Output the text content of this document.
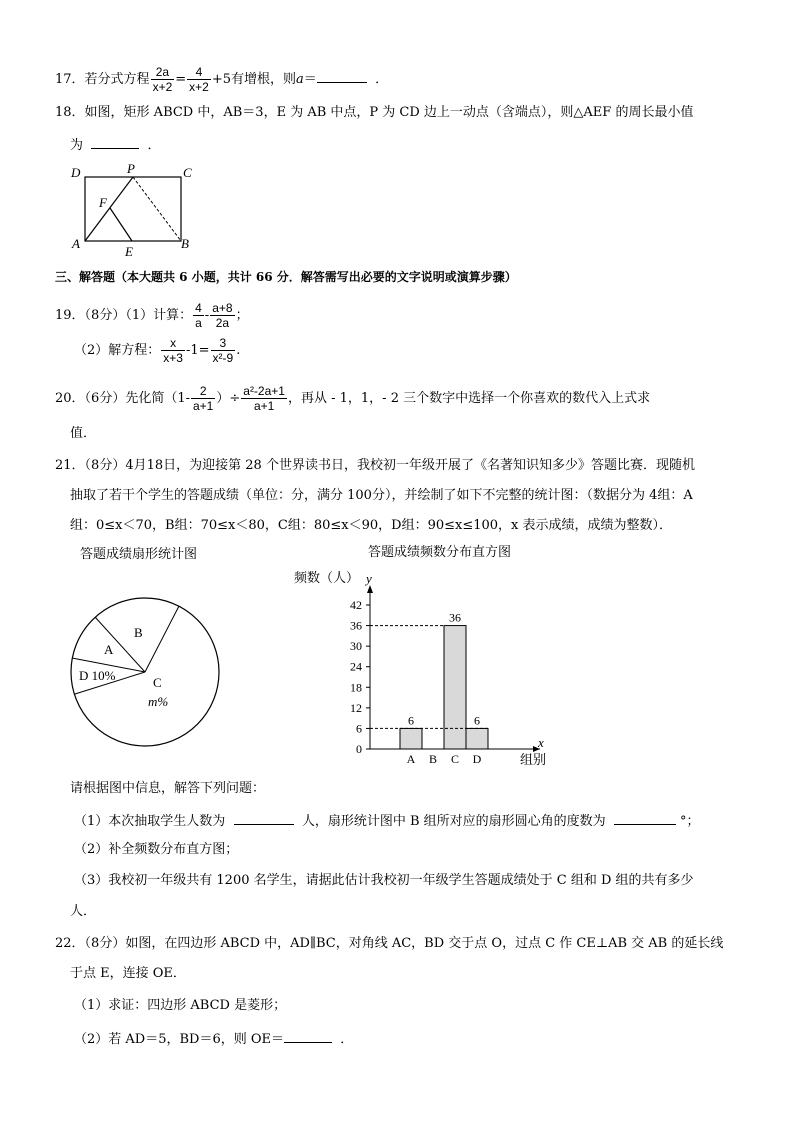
17．若分式方程 $\frac{2a}{x+2} = \frac{4}{x+2} +5$有增根，则a＝	．
18．如图，矩形 ABCD 中，AB＝3，E 为 AB 中点，P 为 CD 边上一动点（含端点），则△AEF 的周长最小值
为	．
D	P	C
F
A
E
B
三、解答题（本大题共 6 小题，共计 66 分．解答需写出必要的文字说明或演算步骤）
19．（8分）（1）计算： $\frac{4}{a} - \frac{a+8}{2a}$ ；
（2）解方程： $\frac{x}{x+3} -1= \frac{3}{\text{x²-9}}$ .
20．（6分）先化简（$1- \frac{2}{a+1}$ ）÷ $\frac{\text{a²-2a+1}}{a+1}$ ，再从 - 1，1，- 2 三个数字中选择一个你喜欢的数代入上式求
值．
21．（8分）4月18日，为迎接第 28 个世界读书日，我校初一年级开展了《名著知识知多少》答题比赛．现随机
抽取了若干个学生的答题成绩（单位：分，满分 100分），并绘制了如下不完整的统计图：（数据分为 4组：A
组：0≤x＜70，B组：70≤x＜80，C组：80≤x＜90，D组：90≤x≤100，x 表示成绩，成绩为整数）．
答题成绩扇形统计图	答题成绩频数分布直方图
B
A
D 10%	C
m%
频数（人） y
x
组别
0
6
12
18
24
30
36
42
6
A B
36
C
6
D
请根据图中信息，解答下列问题：
（1）本次抽取学生人数为	人，扇形统计图中 B 组所对应的扇形圆心角的度数为	°；
（2）补全频数分布直方图；
（3）我校初一年级共有 1200 名学生，请据此估计我校初一年级学生答题成绩处于 C 组和 D 组的共有多少
人．
22．（8分）如图，在四边形 ABCD 中，AD∥BC，对角线 AC，BD 交于点 O，过点 C 作 CE⊥AB 交 AB 的延长线
于点 E，连接 OE．
（1）求证：四边形 ABCD 是菱形；
（2）若 AD＝5，BD＝6，则 OE＝	．
